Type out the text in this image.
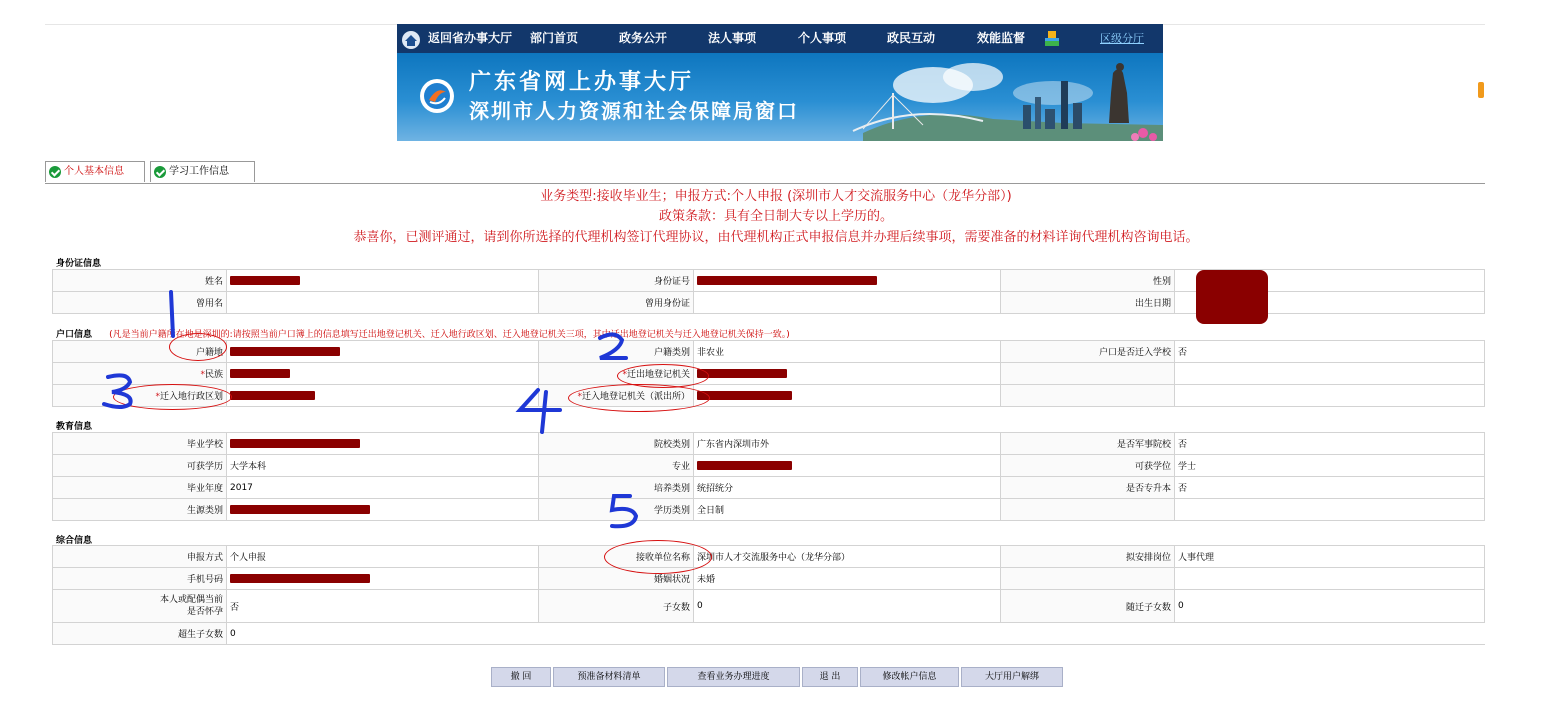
返回省办事大厅 部门首页	政务公开	法人事项	个人事项	政民互动	效能监督	区级分厅
广东省网上办事大厅
深圳市人力资源和社会保障局窗口
个人基本信息	学习工作信息
业务类型:接收毕业生；申报方式:个人申报 (深圳市人才交流服务中心（龙华分部）)
政策条款：具有全日制大专以上学历的。
恭喜你，已测评通过，请到你所选择的代理机构签订代理协议，由代理机构正式申报信息并办理后续事项，需要准备的材料详询代理机构咨询电话。
身份证信息
姓名		身份证号		性别	
曾用名		曾用身份证		出生日期	
户口信息 (凡是当前户籍所在地是深圳的:请按照当前户口簿上的信息填写迁出地登记机关、迁入地行政区划、迁入地登记机关三项，其中迁出地登记机关与迁入地登记机关保持一致。)
户籍地		户籍类别	非农业	户口是否迁入学校	否
*民族		*迁出地登记机关			
*迁入地行政区划		*迁入地登记机关（派出所）			
教育信息
毕业学校		院校类别	广东省内深圳市外	是否军事院校	否
可获学历	大学本科	专业		可获学位	学士
毕业年度	2017	培养类别	统招统分	是否专升本	否
生源类别		学历类别	全日制		
综合信息
申报方式	个人申报	接收单位名称	深圳市人才交流服务中心（龙华分部）	拟安排岗位	人事代理
手机号码		婚姻状况	未婚		
本人或配偶当前
是否怀孕	否	子女数	0	随迁子女数	0
超生子女数	0				
撤 回	预准备材料清单	查看业务办理进度	退 出	修改帐户信息	大厅用户解绑
